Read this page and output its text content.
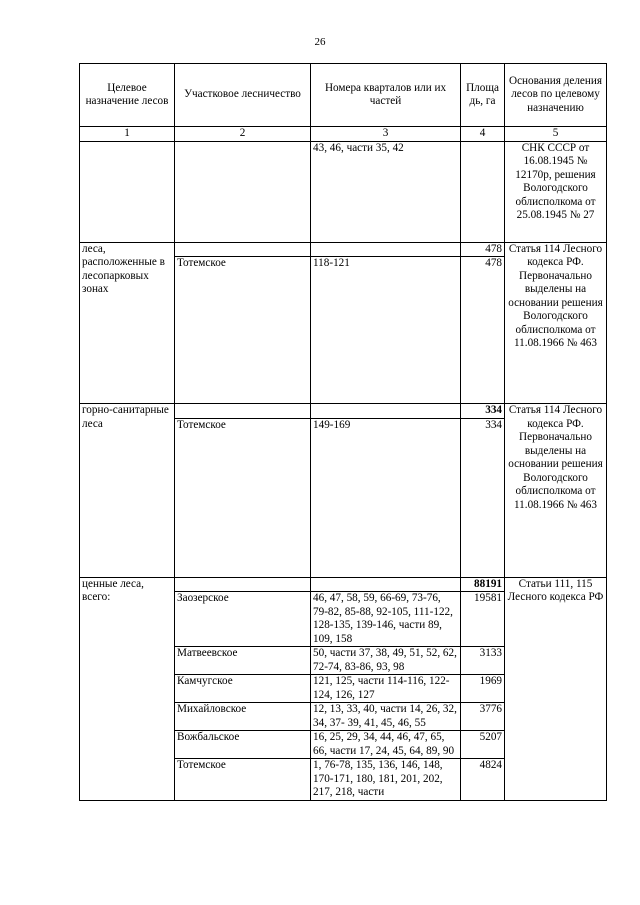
26
Целевое назначение лесов	Участковое лесничество	Номера кварталов или их частей	Площа дь, га	Основания деления лесов по целевому назначению
1	2	3	4	5
		43, 46, части 35, 42		СНК СССР от 16.08.1945 № 12170р, решения Вологодского облисполкома от 25.08.1945 № 27
леса, расположенные в лесопарковых зонах			478	Статья 114 Лесного кодекса РФ. Первоначально выделены на основании решения Вологодского облисполкома от 11.08.1966 № 463
	Тотемское	118-121	478	
горно-санитарные леса			334	Статья 114 Лесного кодекса РФ. Первоначально выделены на основании решения Вологодского облисполкома от 11.08.1966 № 463
	Тотемское	149-169	334	
ценные леса, всего:			88191	Статьи 111, 115 Лесного кодекса РФ
	Заозерское	46, 47, 58, 59, 66-69, 73-76, 79-82, 85-88, 92-105, 111-122, 128-135, 139-146, части 89, 109, 158	19581	
	Матвеевское	50, части 37, 38, 49, 51, 52, 62, 72-74, 83-86, 93, 98	3133	
	Камчугское	121, 125, части 114-116, 122-124, 126, 127	1969	
	Михайловское	12, 13, 33, 40, части 14, 26, 32, 34, 37- 39, 41, 45, 46, 55	3776	
	Вожбальское	16, 25, 29, 34, 44, 46, 47, 65, 66, части 17, 24, 45, 64, 89, 90	5207	
	Тотемское	1, 76-78, 135, 136, 146, 148, 170-171, 180, 181, 201, 202, 217, 218, части	4824	
